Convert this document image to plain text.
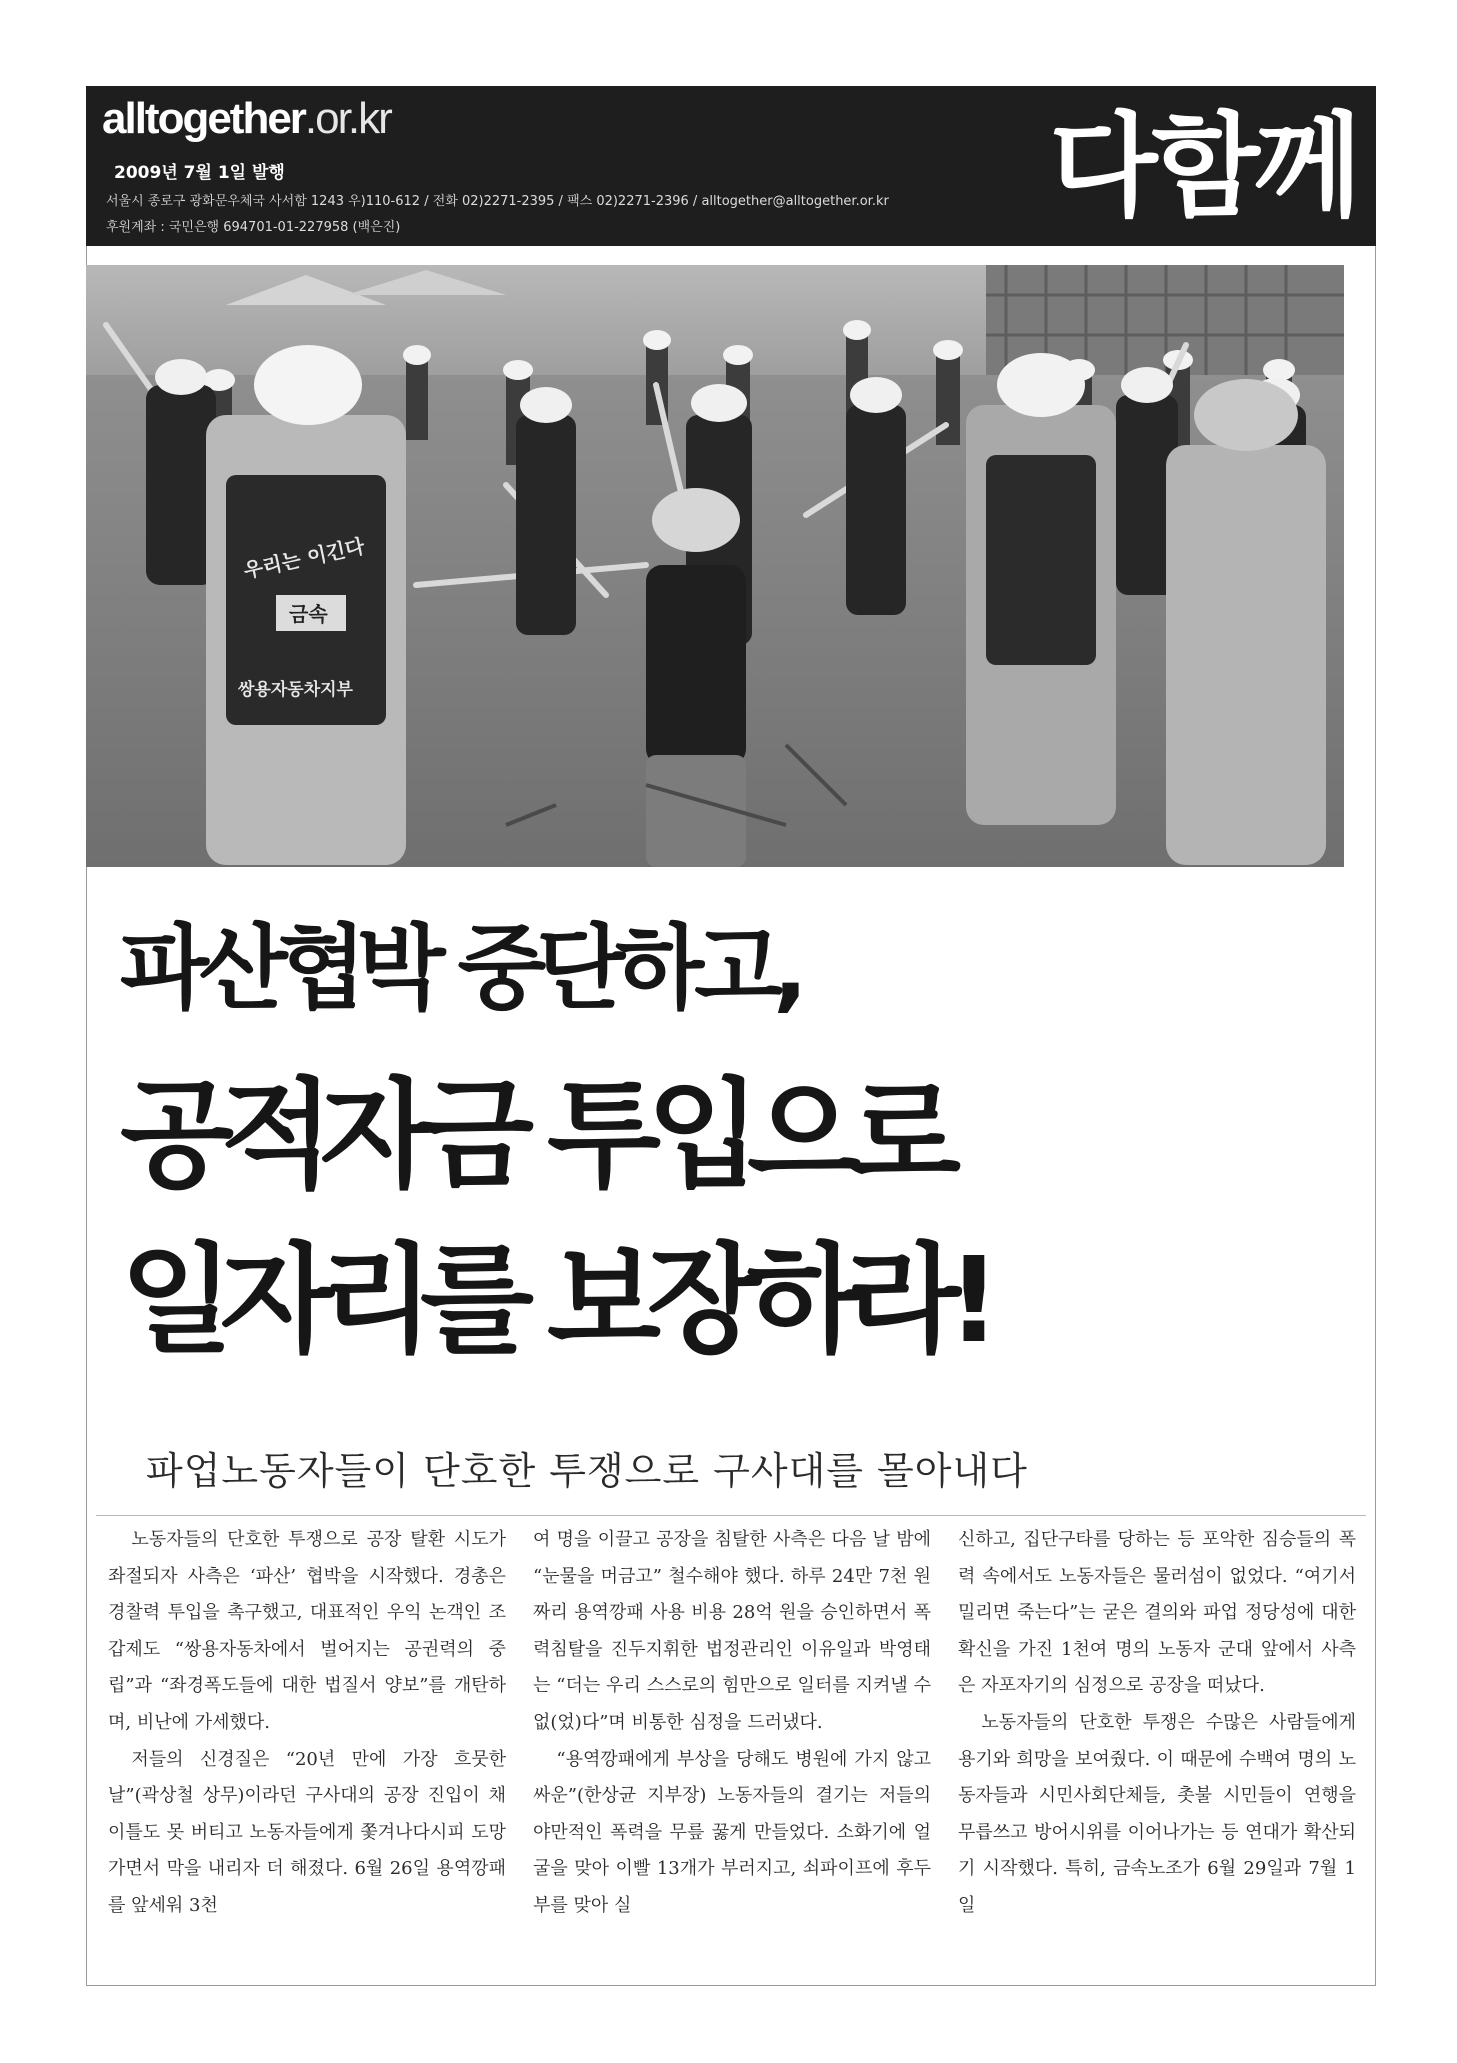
alltogether.or.kr
2009년 7월 1일 발행
서울시 종로구 광화문우체국 사서함 1243 우)110-612 / 전화 02)2271-2395 / 팩스 02)2271-2396 / alltogether@alltogether.or.kr
후원계좌 : 국민은행 694701-01-227958 (백은진)	다함께
우리는 이긴다
금속
쌍용자동차지부
파산협박 중단하고,
공적자금 투입으로
일자리를 보장하라!
파업노동자들이 단호한 투쟁으로 구사대를 몰아내다

노동자들의 단호한 투쟁으로 공장 탈환 시도가 좌절되자 사측은 ‘파산’ 협박을 시작했다. 경총은 경찰력 투입을 촉구했고, 대표적인 우익 논객인 조갑제도 “쌍용자동차에서 벌어지는 공권력의 중립”과 “좌경폭도들에 대한 법질서 양보”를 개탄하며, 비난에 가세했다.

저들의 신경질은 “20년 만에 가장 흐뭇한 날”(곽상철 상무)이라던 구사대의 공장 진입이 채 이틀도 못 버티고 노동자들에게 쫓겨나다시피 도망가면서 막을 내리자 더 해졌다. 6월 26일 용역깡패를 앞세워 3천

여 명을 이끌고 공장을 침탈한 사측은 다음 날 밤에 “눈물을 머금고” 철수해야 했다. 하루 24만 7천 원 짜리 용역깡패 사용 비용 28억 원을 승인하면서 폭력침탈을 진두지휘한 법정관리인 이유일과 박영태는 “더는 우리 스스로의 힘만으로 일터를 지켜낼 수 없(었)다”며 비통한 심정을 드러냈다.

“용역깡패에게 부상을 당해도 병원에 가지 않고 싸운”(한상균 지부장) 노동자들의 결기는 저들의 야만적인 폭력을 무릎 꿇게 만들었다. 소화기에 얼굴을 맞아 이빨 13개가 부러지고, 쇠파이프에 후두부를 맞아 실

신하고, 집단구타를 당하는 등 포악한 짐승들의 폭력 속에서도 노동자들은 물러섬이 없었다. “여기서 밀리면 죽는다”는 굳은 결의와 파업 정당성에 대한 확신을 가진 1천여 명의 노동자 군대 앞에서 사측은 자포자기의 심정으로 공장을 떠났다.

노동자들의 단호한 투쟁은 수많은 사람들에게 용기와 희망을 보여줬다. 이 때문에 수백여 명의 노동자들과 시민사회단체들, 촛불 시민들이 연행을 무릅쓰고 방어시위를 이어나가는 등 연대가 확산되기 시작했다. 특히, 금속노조가 6월 29일과 7월 1일
